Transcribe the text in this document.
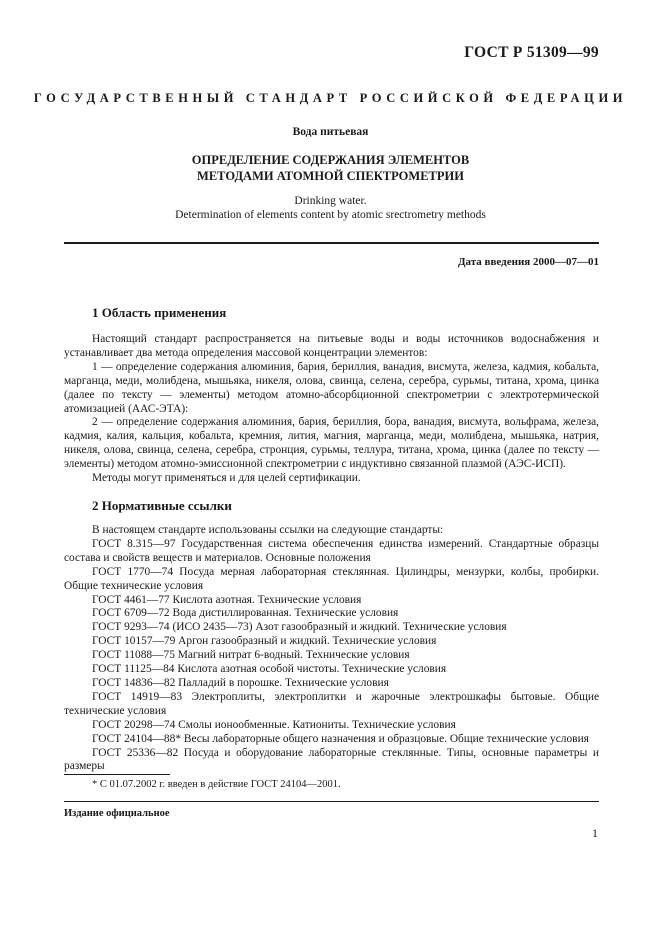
ГОСТ Р 51309—99
ГОСУДАРСТВЕННЫЙ СТАНДАРТ РОССИЙСКОЙ ФЕДЕРАЦИИ
Вода питьевая
ОПРЕДЕЛЕНИЕ СОДЕРЖАНИЯ ЭЛЕМЕНТОВ
МЕТОДАМИ АТОМНОЙ СПЕКТРОМЕТРИИ
Drinking water.
Determination of elements content by atomic srectrometry methods
Дата введения 2000—07—01
1 Область применения

Настоящий стандарт распространяется на питьевые воды и воды источников водоснабжения и устанавливает два метода определения массовой концентрации элементов:

1 — определение содержания алюминия, бария, бериллия, ванадия, висмута, железа, кадмия, кобальта, марганца, меди, молибдена, мышьяка, никеля, олова, свинца, селена, серебра, сурьмы, титана, хрома, цинка (далее по тексту — элементы) методом атомно-абсорбционной спектрометрии с электротермической атомизацией (ААС-ЭТА):

2 — определение содержания алюминия, бария, бериллия, бора, ванадия, висмута, вольфрама, железа, кадмия, калия, кальция, кобальта, кремния, лития, магния, марганца, меди, молибдена, мышьяка, натрия, никеля, олова, свинца, селена, серебра, стронция, сурьмы, теллура, титана, хрома, цинка (далее по тексту — элементы) методом атомно-эмиссионной спектрометрии с индуктивно связанной плазмой (АЭС-ИСП).

Методы могут применяться и для целей сертификации.

2 Нормативные ссылки

В настоящем стандарте использованы ссылки на следующие стандарты:

ГОСТ 8.315—97 Государственная система обеспечения единства измерений. Стандартные образцы состава и свойств веществ и материалов. Основные положения

ГОСТ 1770—74 Посуда мерная лабораторная стеклянная. Цилиндры, мензурки, колбы, пробирки. Общие технические условия

ГОСТ 4461—77 Кислота азотная. Технические условия

ГОСТ 6709—72 Вода дистиллированная. Технические условия

ГОСТ 9293—74 (ИСО 2435—73) Азот газообразный и жидкий. Технические условия

ГОСТ 10157—79 Аргон газообразный и жидкий. Технические условия

ГОСТ 11088—75 Магний нитрат 6-водный. Технические условия

ГОСТ 11125—84 Кислота азотная особой чистоты. Технические условия

ГОСТ 14836—82 Палладий в порошке. Технические условия

ГОСТ 14919—83 Электроплиты, электроплитки и жарочные электрошкафы бытовые. Общие технические условия

ГОСТ 20298—74 Смолы ионообменные. Катиониты. Технические условия

ГОСТ 24104—88* Весы лабораторные общего назначения и образцовые. Общие технические условия

ГОСТ 25336—82 Посуда и оборудование лабораторные стеклянные. Типы, основные параметры и размеры

* С 01.07.2002 г. введен в действие ГОСТ 24104—2001.
Издание официальное
1
